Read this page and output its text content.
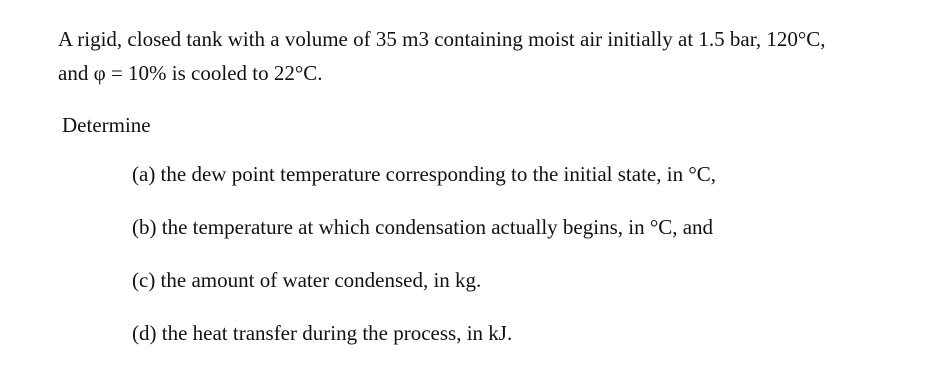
A rigid, closed tank with a volume of 35 m3 containing moist air initially at 1.5 bar, 120°C,
and φ = 10% is cooled to 22°C.
Determine
(a) the dew point temperature corresponding to the initial state, in °C,
(b) the temperature at which condensation actually begins, in °C, and
(c) the amount of water condensed, in kg.
(d) the heat transfer during the process, in kJ.
